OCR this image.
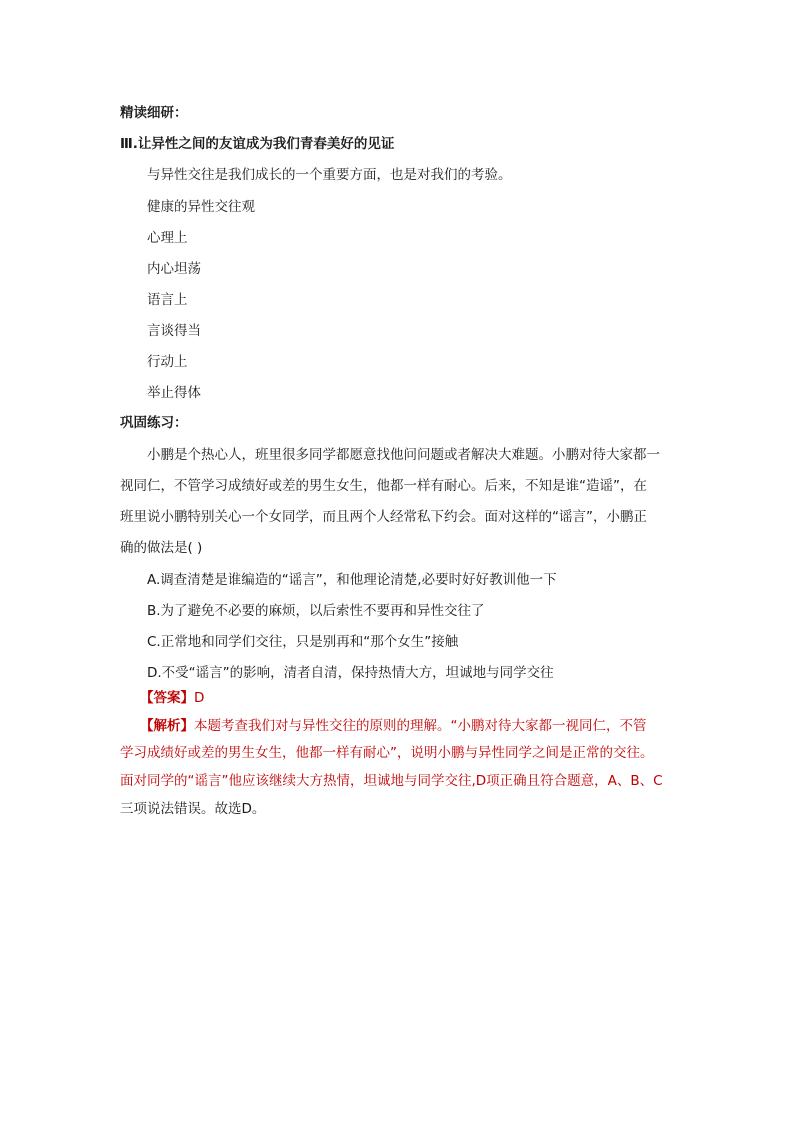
精读细研：
Ⅲ.让异性之间的友谊成为我们青春美好的见证
与异性交往是我们成长的一个重要方面，也是对我们的考验。
健康的异性交往观
心理上
内心坦荡
语言上
言谈得当
行动上
举止得体
巩固练习：
小鹏是个热心人，班里很多同学都愿意找他问问题或者解决大难题。小鹏对待大家都一
视同仁，不管学习成绩好或差的男生女生，他都一样有耐心。后来，不知是谁“造谣”，在
班里说小鹏特别关心一个女同学，而且两个人经常私下约会。面对这样的“谣言”，小鹏正
确的做法是( )
A.调查清楚是谁编造的“谣言”，和他理论清楚,必要时好好教训他一下
B.为了避免不必要的麻烦，以后索性不要再和异性交往了
C.正常地和同学们交往，只是别再和“那个女生”接触
D.不受“谣言”的影响，清者自清，保持热情大方，坦诚地与同学交往
【答案】D
【解析】本题考查我们对与异性交往的原则的理解。“小鹏对待大家都一视同仁，不管
学习成绩好或差的男生女生，他都一样有耐心”，说明小鹏与异性同学之间是正常的交往。
面对同学的“谣言”他应该继续大方热情，坦诚地与同学交往,D项正确且符合题意，A、B、C
三项说法错误。故选D。
